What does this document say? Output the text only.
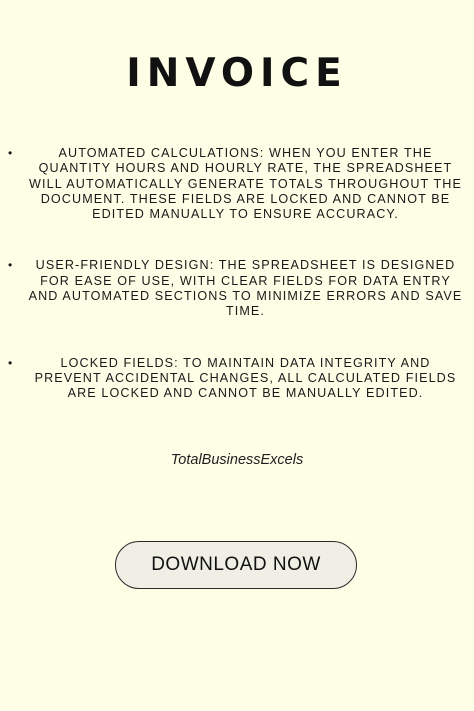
INVOICE
•	AUTOMATED CALCULATIONS: WHEN YOU ENTER THE QUANTITY HOURS AND HOURLY RATE, THE SPREADSHEET WILL AUTOMATICALLY GENERATE TOTALS THROUGHOUT THE DOCUMENT. THESE FIELDS ARE LOCKED AND CANNOT BE EDITED MANUALLY TO ENSURE ACCURACY.
• USER-FRIENDLY DESIGN: THE SPREADSHEET IS DESIGNED FOR EASE OF USE, WITH CLEAR FIELDS FOR DATA ENTRY AND AUTOMATED SECTIONS TO MINIMIZE ERRORS AND SAVE TIME.
•	LOCKED FIELDS: TO MAINTAIN DATA INTEGRITY AND PREVENT ACCIDENTAL CHANGES, ALL CALCULATED FIELDS ARE LOCKED AND CANNOT BE MANUALLY EDITED.
TotalBusinessExcels
DOWNLOAD NOW
